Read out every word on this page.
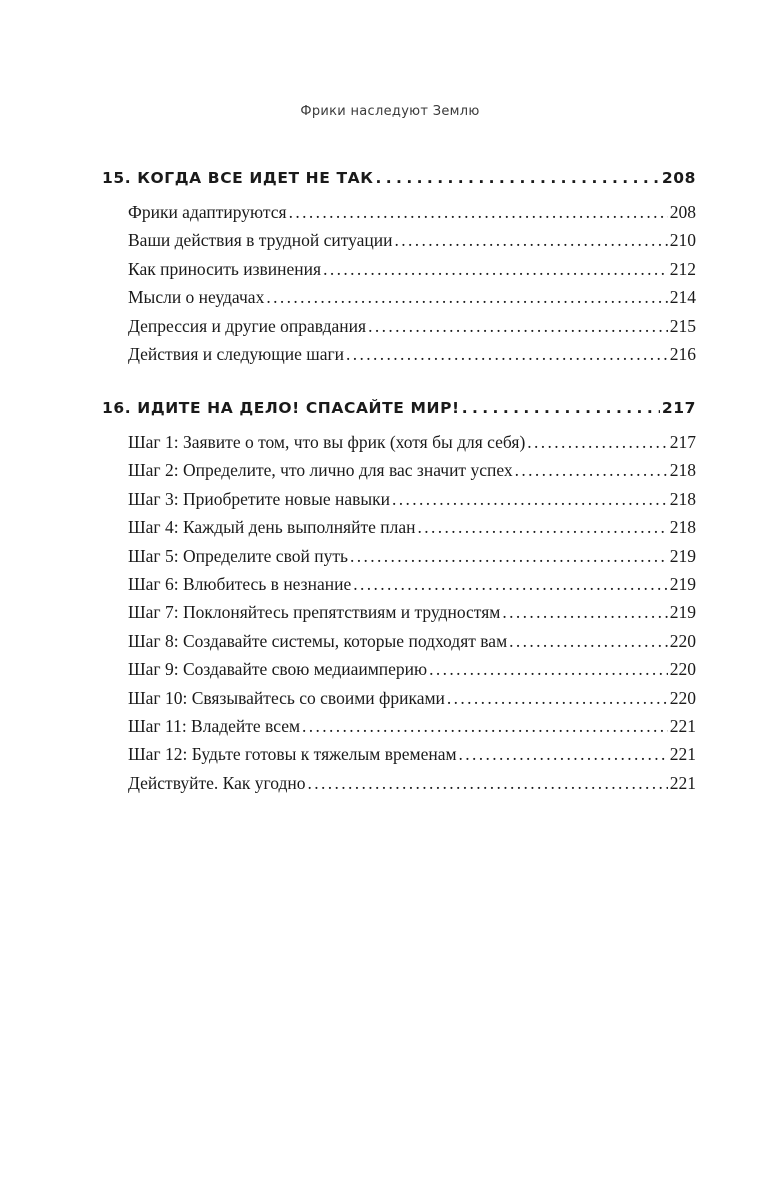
Фрики наследуют Землю
15. КОГДА ВСЕ ИДЕТ НЕ ТАК . . .	208
Фрики адаптируются . . .	208
Ваши действия в трудной ситуации . . .	210
Как приносить извинения . . .	212
Мысли о неудачах . . .	214
Депрессия и другие оправдания . . .	215
Действия и следующие шаги . . .	216
16. ИДИТЕ НА ДЕЛО! СПАСАЙТЕ МИР! . . .	217
Шаг 1: Заявите о том, что вы фрик (хотя бы для себя) . . .	217
Шаг 2: Определите, что лично для вас значит успех . . .	218
Шаг 3: Приобретите новые навыки . . .	218
Шаг 4: Каждый день выполняйте план . . .	218
Шаг 5: Определите свой путь . . .	219
Шаг 6: Влюбитесь в незнание . . .	219
Шаг 7: Поклоняйтесь препятствиям и трудностям . . .	219
Шаг 8: Создавайте системы, которые подходят вам . . .	220
Шаг 9: Создавайте свою медиаимперию . . .	220
Шаг 10: Связывайтесь со своими фриками . . .	220
Шаг 11: Владейте всем . . .	221
Шаг 12: Будьте готовы к тяжелым временам . . .	221
Действуйте. Как угодно . . .	221
